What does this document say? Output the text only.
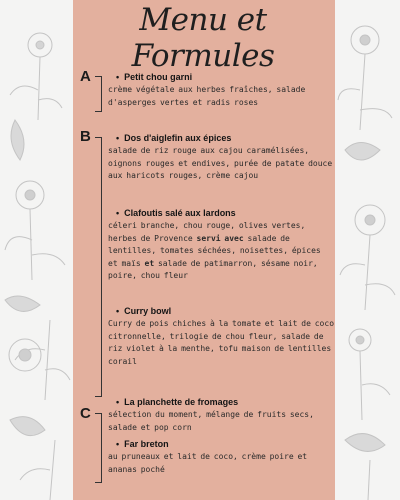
Menu et Formules
A
B
C
• Petit chou garni
crème végétale aux herbes fraîches, salade d'asperges vertes et radis roses
• Dos d'aiglefin aux épices
salade de riz rouge aux cajou caramélisées, oignons rouges et endives, purée de patate douce aux haricots rouges, crème cajou
• Clafoutis salé aux lardons
céleri branche, chou rouge, olives vertes, herbes de Provence servi avec salade de lentilles, tomates séchées, noisettes, épices et maïs et salade de patimarron, sésame noir, poire, chou fleur
• Curry bowl
Curry de pois chiches à la tomate et lait de coco citronnelle, trilogie de chou fleur, salade de riz violet à la menthe, tofu maison de lentilles corail
• La planchette de fromages
sélection du moment, mélange de fruits secs, salade et pop corn
• Far breton
au pruneaux et lait de coco, crème poire et ananas poché
